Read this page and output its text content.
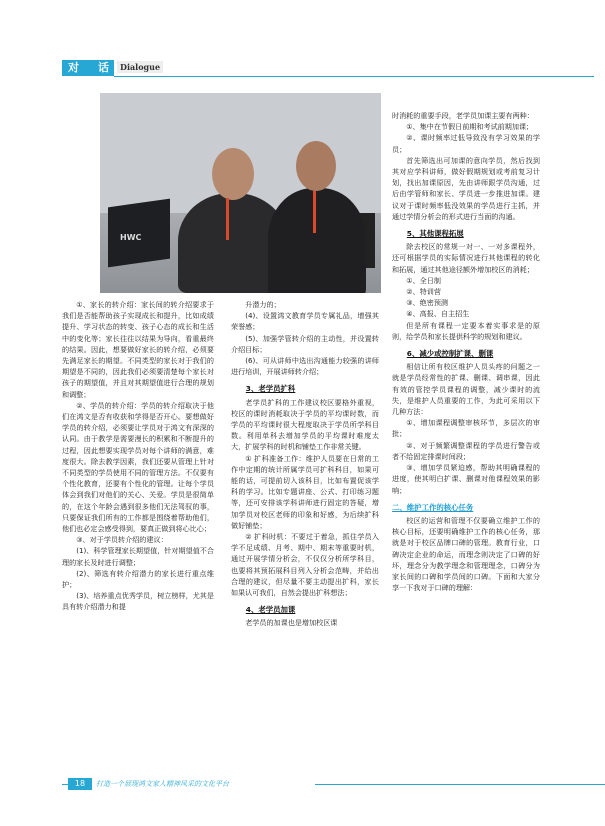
对　话 Dialogue
HWC

①、家长的转介绍：家长间的转介绍要求于我们是否能帮助孩子实现成长和提升，比如成绩提升、学习状态的转变、孩子心态的成长和生活中的变化等；家长往往以结果为导向，看重最终的结果。因此，想要做好家长的转介绍，必须要先满足家长的期望。不同类型的家长对于我们的期望是不同的，因此我们必须要清楚每个家长对孩子的期望值，并且对其期望值进行合理的规划和调整；

②、学员的转介绍：学员的转介绍取决于他们在鸿文是否有收获和学得是否开心。要想做好学员的转介绍，必须要让学员对于鸿文有深深的认同。由于教学是需要漫长的积累和不断提升的过程，因此想要实现学员对每个讲师的满意，难度很大。除去教学因素，我们还要从管理上针对不同类型的学员使用不同的管理方法。不仅要有个性化教育，还要有个性化的管理。让每个学员体会到我们对他们的关心、关爱。学员是很简单的，在这个年龄会遇到很多他们无法驾驭的事，只要保证我们所有的工作都是围绕着帮助他们，他们也必定会感受得到，要真正做到将心比心；

③、对于学员转介绍的建议：

(1)、科学管理家长期望值，针对期望值不合理的家长及时进行调整；

(2)、筛选有转介绍潜力的家长进行重点维护；

(3)、培养重点优秀学员，树立榜样，尤其是具有转介绍潜力和提

升潜力的；

(4)、设置鸿文教育学员专属礼品，增强其荣誉感；

(5)、加强学管转介绍的主动性，并设置转介绍目标；

(6)、可从讲师中选出沟通能力较强的讲师进行培训，开展讲师转介绍；

3、老学员扩科

老学员扩科的工作建议校区要格外重视，校区的课时消耗取决于学员的平均课时数，而学员的平均课时很大程度取决于学员所学科目数。利用单科去增加学员的平均课时难度太大，扩展学科的时机和铺垫工作非常关键。

① 扩科准备工作：维护人员要在日常的工作中定期的统计所属学员可扩科科目，如果可能的话，可提前切入该科目，比如布置促该学科的学习。比如专题讲座、公式、打印练习题等，还可安排该学科讲师进行固定的答疑，增加学员对校区老师的印象和好感，为后续扩科做好铺垫；

② 扩科时机：不要过于着急，抓住学员入学不足成绩、月考、期中、期末等重要时机，通过开展学情分析会，不仅仅分析所学科目，也要将其预拓展科目列入分析会范畴，并给出合理的建议，但尽量不要主动提出扩科，家长如果认可我们，自然会提出扩科想法；

4、老学员加课

老学员的加课也是增加校区课

时消耗的重要手段，老学员加课主要有两种：

①、集中在节假日前期和考试前期加课；

②、课时频率过低导致没有学习效果的学员；

首先筛选出可加课的意向学员，然后找到其对应学科讲师，做好假期规划或考前复习计划，找出加课原因，先由讲师跟学员沟通，过后由学管师和家长、学员进一步推进加课。建议对于课时频率低没效果的学员进行主抓，并通过学情分析会的形式进行当面的沟通。

5、其他课程拓展

除去校区的常规一对一、一对多课程外，还可根据学员的实际情况进行其他课程的转化和拓展，通过其他途径额外增加校区的消耗；

①、全日制

②、特训营

③、绝密预测

④、高报、自主招生

但是所有课程一定要本着实事求是的原则，给学员和家长提供科学的规划和建议。

6、减少或控制扩课、删课

相信让所有校区维护人员头疼的问题之一就是学员经常性的扩课、删课、调串课，因此有效的管控学员课程的调整，减少课时的流失，是维护人员重要的工作，为此可采用以下几种方法：

①、增加课程调整审核环节，多层次的审批；

②、对于频繁调整课程的学员进行警告或者不给固定排课时间段；

③、增加学员紧迫感，帮助其明确课程的进度，使其明白扩课、删课对他课程效果的影响；

二、维护工作的核心任务

校区的运营和管理不仅要确立维护工作的核心目标，还要明确维护工作的核心任务，那就是对于校区品牌口碑的管理。教育行业，口碑决定企业的命运，而理念则决定了口碑的好坏，理念分为教学理念和管理理念，口碑分为家长间的口碑和学员间的口碑。下面和大家分享一下我对于口碑的理解：

18	打造一个展现鸿文家人精神风采的文化平台
